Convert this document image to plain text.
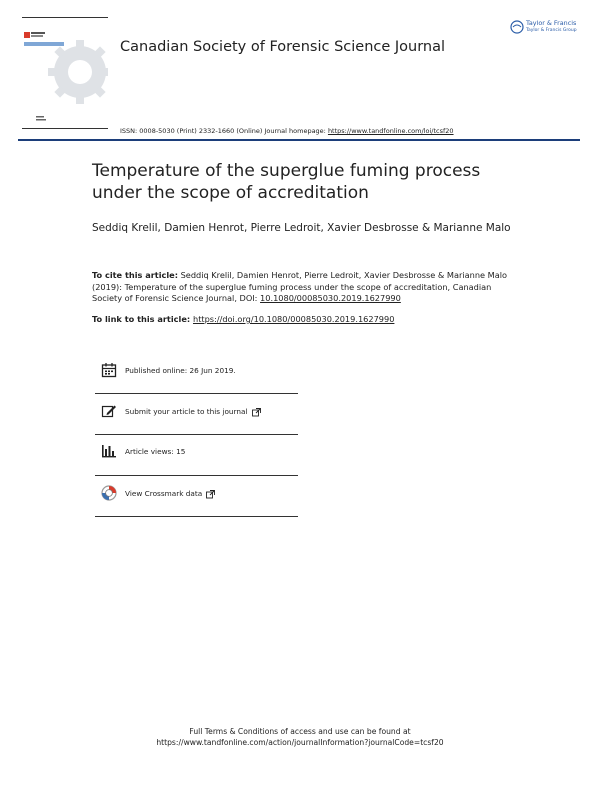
Taylor & Francis
Taylor & Francis Group
Canadian Society of Forensic Science Journal
ISSN: 0008-5030 (Print) 2332-1660 (Online) Journal homepage: https://www.tandfonline.com/loi/tcsf20
Temperature of the superglue fuming process under the scope of accreditation
Seddiq Krelil, Damien Henrot, Pierre Ledroit, Xavier Desbrosse & Marianne Malo
To cite this article: Seddiq Krelil, Damien Henrot, Pierre Ledroit, Xavier Desbrosse & Marianne Malo (2019): Temperature of the superglue fuming process under the scope of accreditation, Canadian Society of Forensic Science Journal, DOI: 10.1080/00085030.2019.1627990
To link to this article: https://doi.org/10.1080/00085030.2019.1627990
Published online: 26 Jun 2019.
Submit your article to this journal
Article views: 15
View Crossmark data
Full Terms & Conditions of access and use can be found at
https://www.tandfonline.com/action/journalInformation?journalCode=tcsf20
